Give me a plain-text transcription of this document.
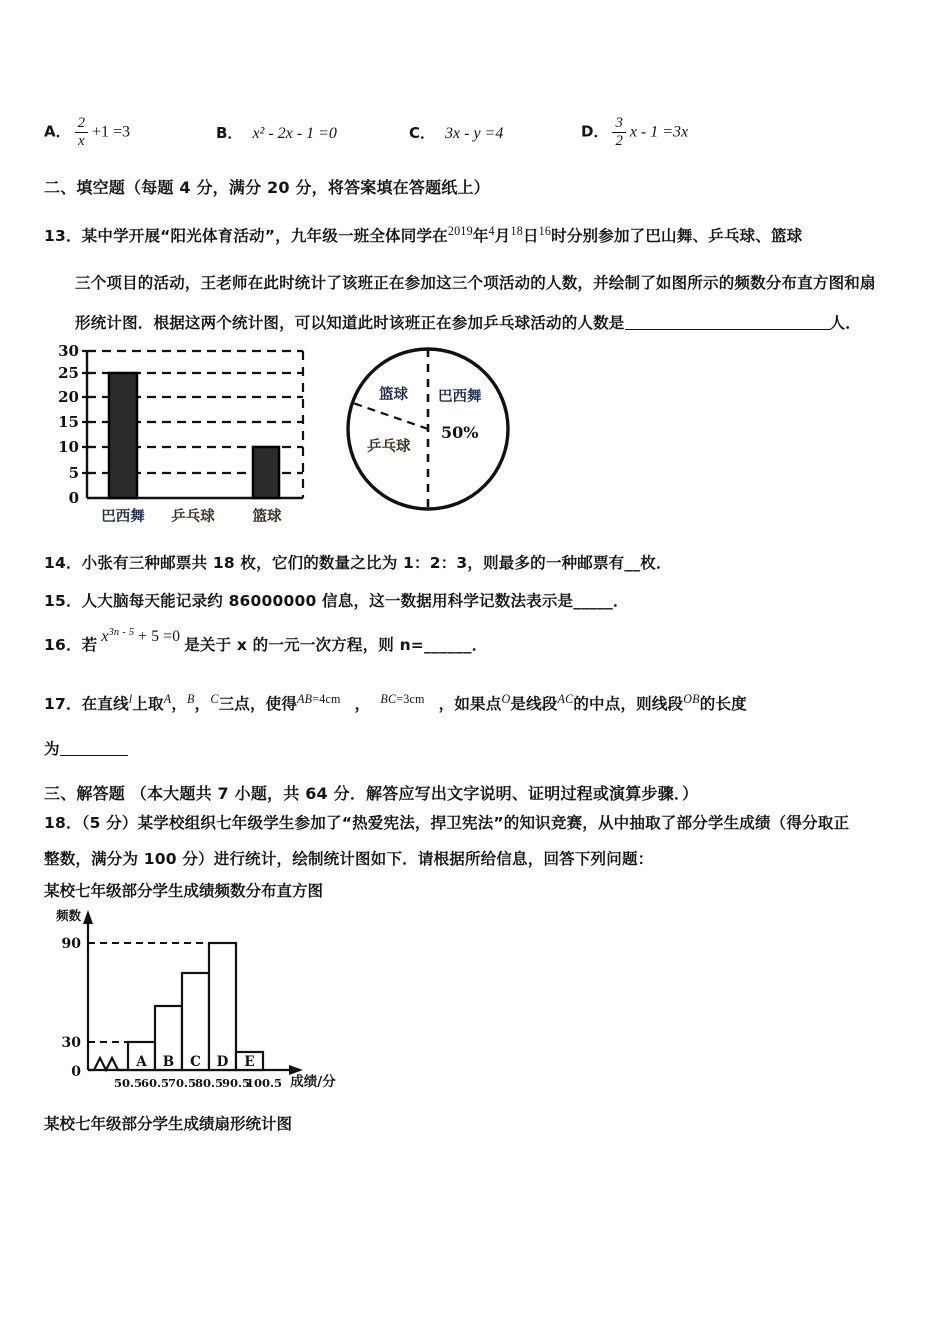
A． $\frac{2}{x} +1 =3$	B． x² - 2x - 1 =0	C． 3x - y =4	D． $\frac{3}{2}$ x - 1 =3x
二、填空题（每题 4 分，满分 20 分，将答案填在答题纸上）
13．某中学开展“阳光体育活动”，九年级一班全体同学在$^{2019}$年$^4$月$^{18}$日$^{16}$时分别参加了巴山舞、乒乓球、篮球
三个项目的活动，王老师在此时统计了该班正在参加这三个项活动的人数，并绘制了如图所示的频数分布直方图和扇
形统计图．根据这两个统计图，可以知道此时该班正在参加乒乓球活动的人数是	人．
30
25
20
15
10
5
0
巴西舞 乒乓球	篮球
篮球 巴西舞
乒乓球
50%
14．小张有三种邮票共 18 枚，它们的数量之比为 1：2：3，则最多的一种邮票有__枚．
15．人大脑每天能记录约 86000000 信息，这一数据用科学记数法表示是_____．
16．若 $x^{3n - 5} + 5 =0$ 是关于 x 的一元一次方程，则 n=______．
17．在直线$^l$上取$^A$，$^B$，$^C$三点，使得$^{AB=4cm}$ ， $^{BC=3cm}$ ，如果点$^O$是线段$^{AC}$的中点，则线段$^{OB}$的长度
为
三、解答题 （本大题共 7 小题，共 64 分．解答应写出文字说明、证明过程或演算步骤．）
18．（5 分）某学校组织七年级学生参加了“热爱宪法，捍卫宪法”的知识竞赛，从中抽取了部分学生成绩（得分取正
整数，满分为 100 分）进行统计，绘制统计图如下．请根据所给信息，回答下列问题：
某校七年级部分学生成绩频数分布直方图
频数
90
30
0
A B C D E
50.5
60.5
70.5
80.5
90.5
100.5 成绩/分
某校七年级部分学生成绩扇形统计图
